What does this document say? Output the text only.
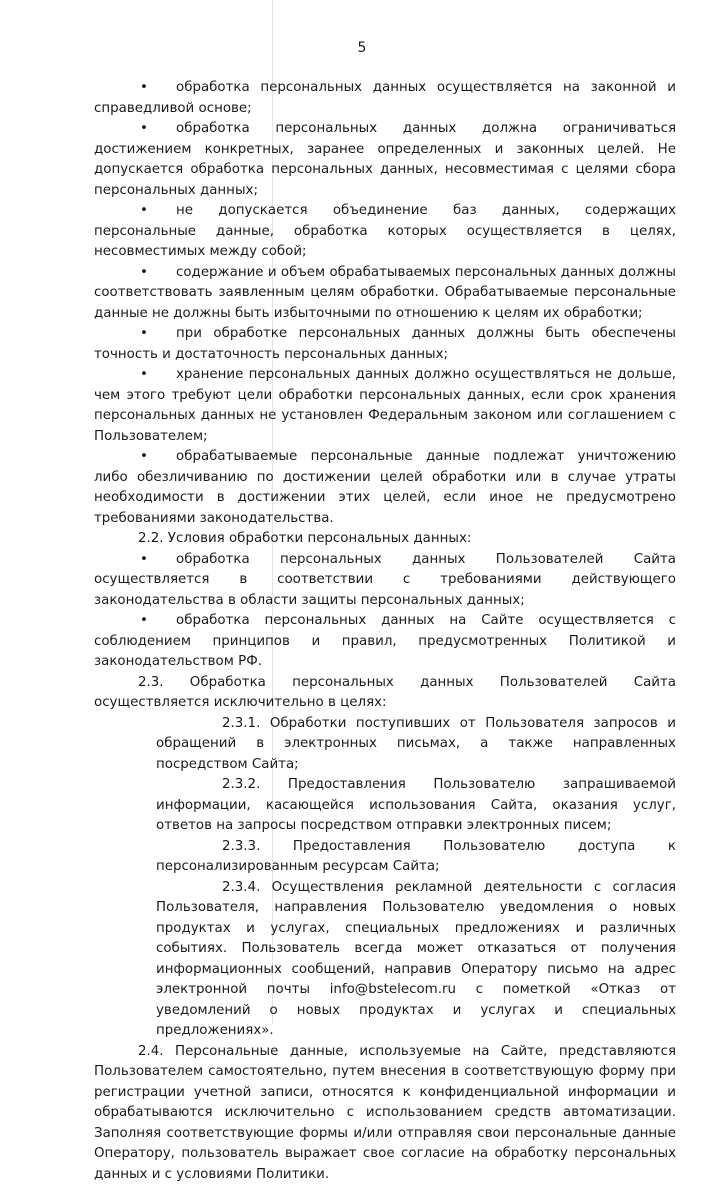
5

• обработка персональных данных осуществляется на законной и справедливой основе;

• обработка персональных данных должна ограничиваться достижением конкретных, заранее определенных и законных целей. Не допускается обработка персональных данных, несовместимая с целями сбора персональных данных;

• не допускается объединение баз данных, содержащих персональные данные, обработка которых осуществляется в целях, несовместимых между собой;

• содержание и объем обрабатываемых персональных данных должны соответствовать заявленным целям обработки. Обрабатываемые персональные данные не должны быть избыточными по отношению к целям их обработки;

• при обработке персональных данных должны быть обеспечены точность и достаточность персональных данных;

• хранение персональных данных должно осуществляться не дольше, чем этого требуют цели обработки персональных данных, если срок хранения персональных данных не установлен Федеральным законом или соглашением с Пользователем;

• обрабатываемые персональные данные подлежат уничтожению либо обезличиванию по достижении целей обработки или в случае утраты необходимости в достижении этих целей, если иное не предусмотрено требованиями законодательства.

2.2. Условия обработки персональных данных:

• обработка персональных данных Пользователей Сайта осуществляется в соответствии с требованиями действующего законодательства в области защиты персональных данных;

• обработка персональных данных на Сайте осуществляется с соблюдением принципов и правил, предусмотренных Политикой и законодательством РФ.

2.3. Обработка персональных данных Пользователей Сайта осуществляется исключительно в целях:

2.3.1. Обработки поступивших от Пользователя запросов и обращений в электронных письмах, а также направленных посредством Сайта;

2.3.2. Предоставления Пользователю запрашиваемой информации, касающейся использования Сайта, оказания услуг, ответов на запросы посредством отправки электронных писем;

2.3.3. Предоставления Пользователю доступа к персонализированным ресурсам Сайта;

2.3.4. Осуществления рекламной деятельности с согласия Пользователя, направления Пользователю уведомления о новых продуктах и услугах, специальных предложениях и различных событиях. Пользователь всегда может отказаться от получения информационных сообщений, направив Оператору письмо на адрес электронной почты info@bstelecom.ru с пометкой «Отказ от уведомлений о новых продуктах и услугах и специальных предложениях».

2.4. Персональные данные, используемые на Сайте, представляются Пользователем самостоятельно, путем внесения в соответствующую форму при регистрации учетной записи, относятся к конфиденциальной информации и обрабатываются исключительно с использованием средств автоматизации. Заполняя соответствующие формы и/или отправляя свои персональные данные Оператору, пользователь выражает свое согласие на обработку персональных данных и с условиями Политики.
